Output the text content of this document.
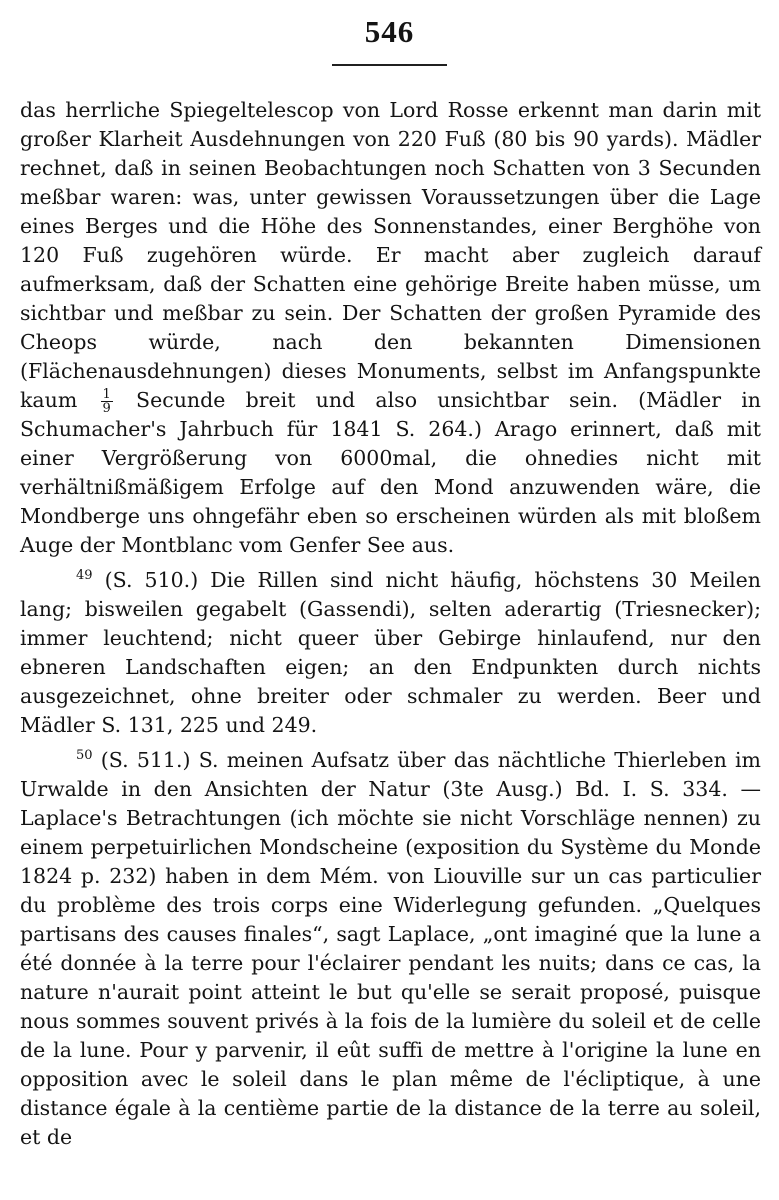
546

das herrliche Spiegeltelescop von Lord Rosse erkennt man darin mit großer Klarheit Ausdehnungen von 220 Fuß (80 bis 90 yards). Mädler rechnet, daß in seinen Beobachtungen noch Schatten von 3 Secunden meßbar waren: was, unter gewissen Voraussetzungen über die Lage eines Berges und die Höhe des Sonnenstandes, einer Berghöhe von 120 Fuß zugehören würde. Er macht aber zugleich darauf aufmerksam, daß der Schatten eine gehörige Breite haben müsse, um sichtbar und meßbar zu sein. Der Schatten der großen Pyramide des Cheops würde, nach den bekannten Dimensionen (Flächenausdehnungen) dieses Monuments, selbst im Anfangspunkte kaum $\frac{1}{9}$ Secunde breit und also unsichtbar sein. (Mädler in Schumacher's Jahrbuch für 1841 S. 264.) Arago erinnert, daß mit einer Vergrößerung von 6000mal, die ohnedies nicht mit verhältnißmäßigem Erfolge auf den Mond anzuwenden wäre, die Mondberge uns ohngefähr eben so erscheinen würden als mit bloßem Auge der Montblanc vom Genfer See aus.

$^{49}$ (S. 510.) Die Rillen sind nicht häufig, höchstens 30 Meilen lang; bisweilen gegabelt (Gassendi), selten aderartig (Triesnecker); immer leuchtend; nicht queer über Gebirge hinlaufend, nur den ebneren Landschaften eigen; an den Endpunkten durch nichts ausgezeichnet, ohne breiter oder schmaler zu werden. Beer und Mädler S. 131, 225 und 249.

$^{50}$ (S. 511.) S. meinen Aufsatz über das nächtliche Thierleben im Urwalde in den Ansichten der Natur (3te Ausg.) Bd. I. S. 334. — Laplace's Betrachtungen (ich möchte sie nicht Vorschläge nennen) zu einem perpetuirlichen Mondscheine (exposition du Système du Monde 1824 p. 232) haben in dem Mém. von Liouville sur un cas particulier du problème des trois corps eine Widerlegung gefunden. „Quelques partisans des causes finales“, sagt Laplace, „ont imaginé que la lune a été donnée à la terre pour l'éclairer pendant les nuits; dans ce cas, la nature n'aurait point atteint le but qu'elle se serait proposé, puisque nous sommes souvent privés à la fois de la lumière du soleil et de celle de la lune. Pour y parvenir, il eût suffi de mettre à l'origine la lune en opposition avec le soleil dans le plan même de l'écliptique, à une distance égale à la centième partie de la distance de la terre au soleil, et de
